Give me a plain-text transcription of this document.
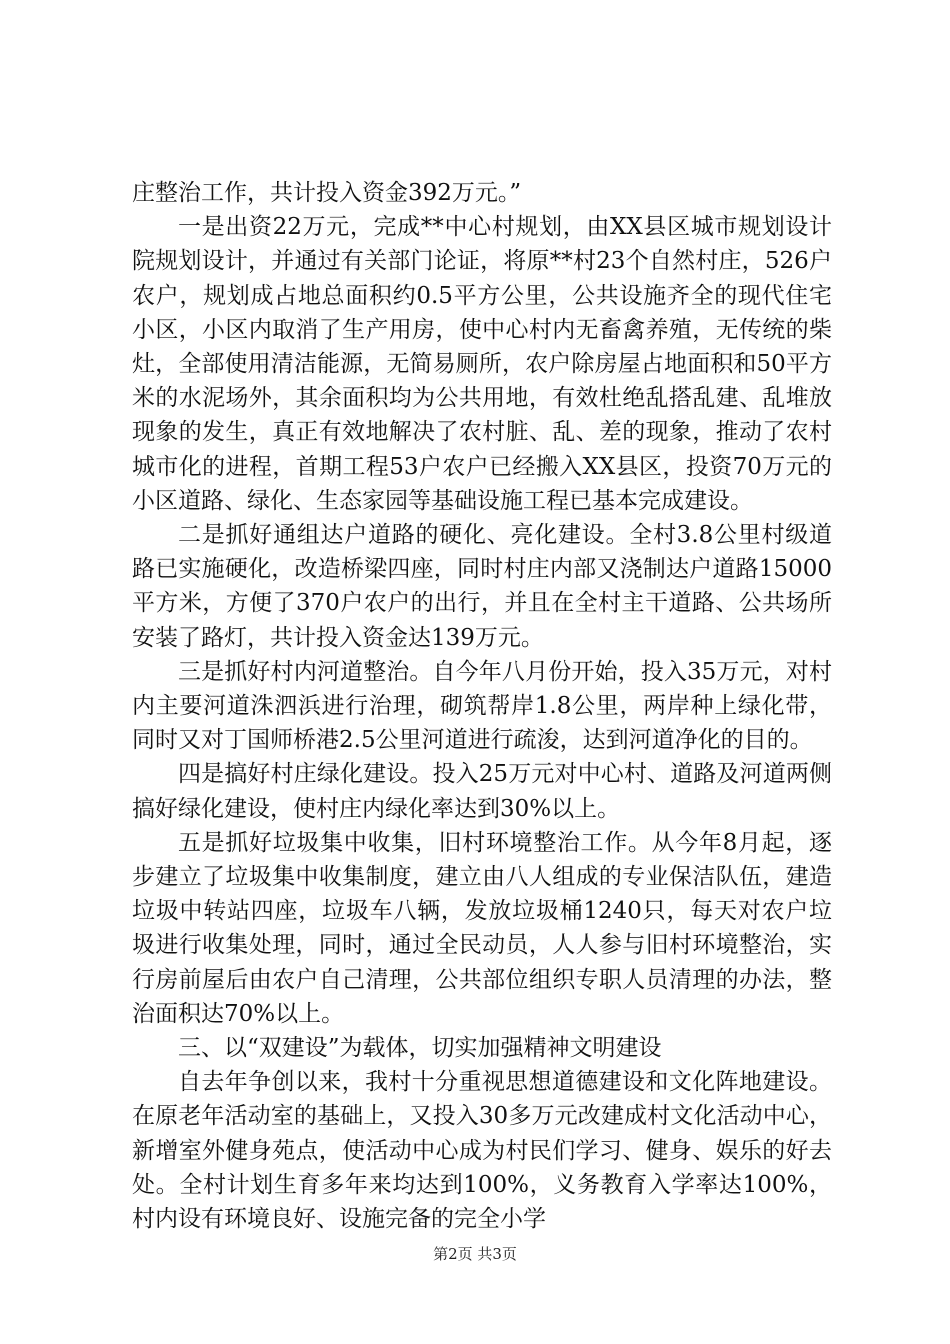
庄整治工作，共计投入资金392万元。”

一是出资22万元，完成**中心村规划，由XX县区城市规划设计院规划设计，并通过有关部门论证，将原**村23个自然村庄，526户农户，规划成占地总面积约0.5平方公里，公共设施齐全的现代住宅小区，小区内取消了生产用房，使中心村内无畜禽养殖，无传统的柴灶，全部使用清洁能源，无简易厕所，农户除房屋占地面积和50平方米的水泥场外，其余面积均为公共用地，有效杜绝乱搭乱建、乱堆放现象的发生，真正有效地解决了农村脏、乱、差的现象，推动了农村城市化的进程，首期工程53户农户已经搬入XX县区，投资70万元的小区道路、绿化、生态家园等基础设施工程已基本完成建设。

二是抓好通组达户道路的硬化、亮化建设。全村3.8公里村级道路已实施硬化，改造桥梁四座，同时村庄内部又浇制达户道路15000平方米，方便了370户农户的出行，并且在全村主干道路、公共场所安装了路灯，共计投入资金达139万元。

三是抓好村内河道整治。自今年八月份开始，投入35万元，对村内主要河道洙泗浜进行治理，砌筑帮岸1.8公里，两岸种上绿化带，同时又对丁国师桥港2.5公里河道进行疏浚，达到河道净化的目的。

四是搞好村庄绿化建设。投入25万元对中心村、道路及河道两侧搞好绿化建设，使村庄内绿化率达到30%以上。

五是抓好垃圾集中收集，旧村环境整治工作。从今年8月起，逐步建立了垃圾集中收集制度，建立由八人组成的专业保洁队伍，建造垃圾中转站四座，垃圾车八辆，发放垃圾桶1240只，每天对农户垃圾进行收集处理，同时，通过全民动员，人人参与旧村环境整治，实行房前屋后由农户自己清理，公共部位组织专职人员清理的办法，整治面积达70%以上。

三、以“双建设”为载体，切实加强精神文明建设

自去年争创以来，我村十分重视思想道德建设和文化阵地建设。在原老年活动室的基础上，又投入30多万元改建成村文化活动中心，新增室外健身苑点，使活动中心成为村民们学习、健身、娱乐的好去处。全村计划生育多年来均达到100%，义务教育入学率达100%，村内设有环境良好、设施完备的完全小学

第2页 共3页
